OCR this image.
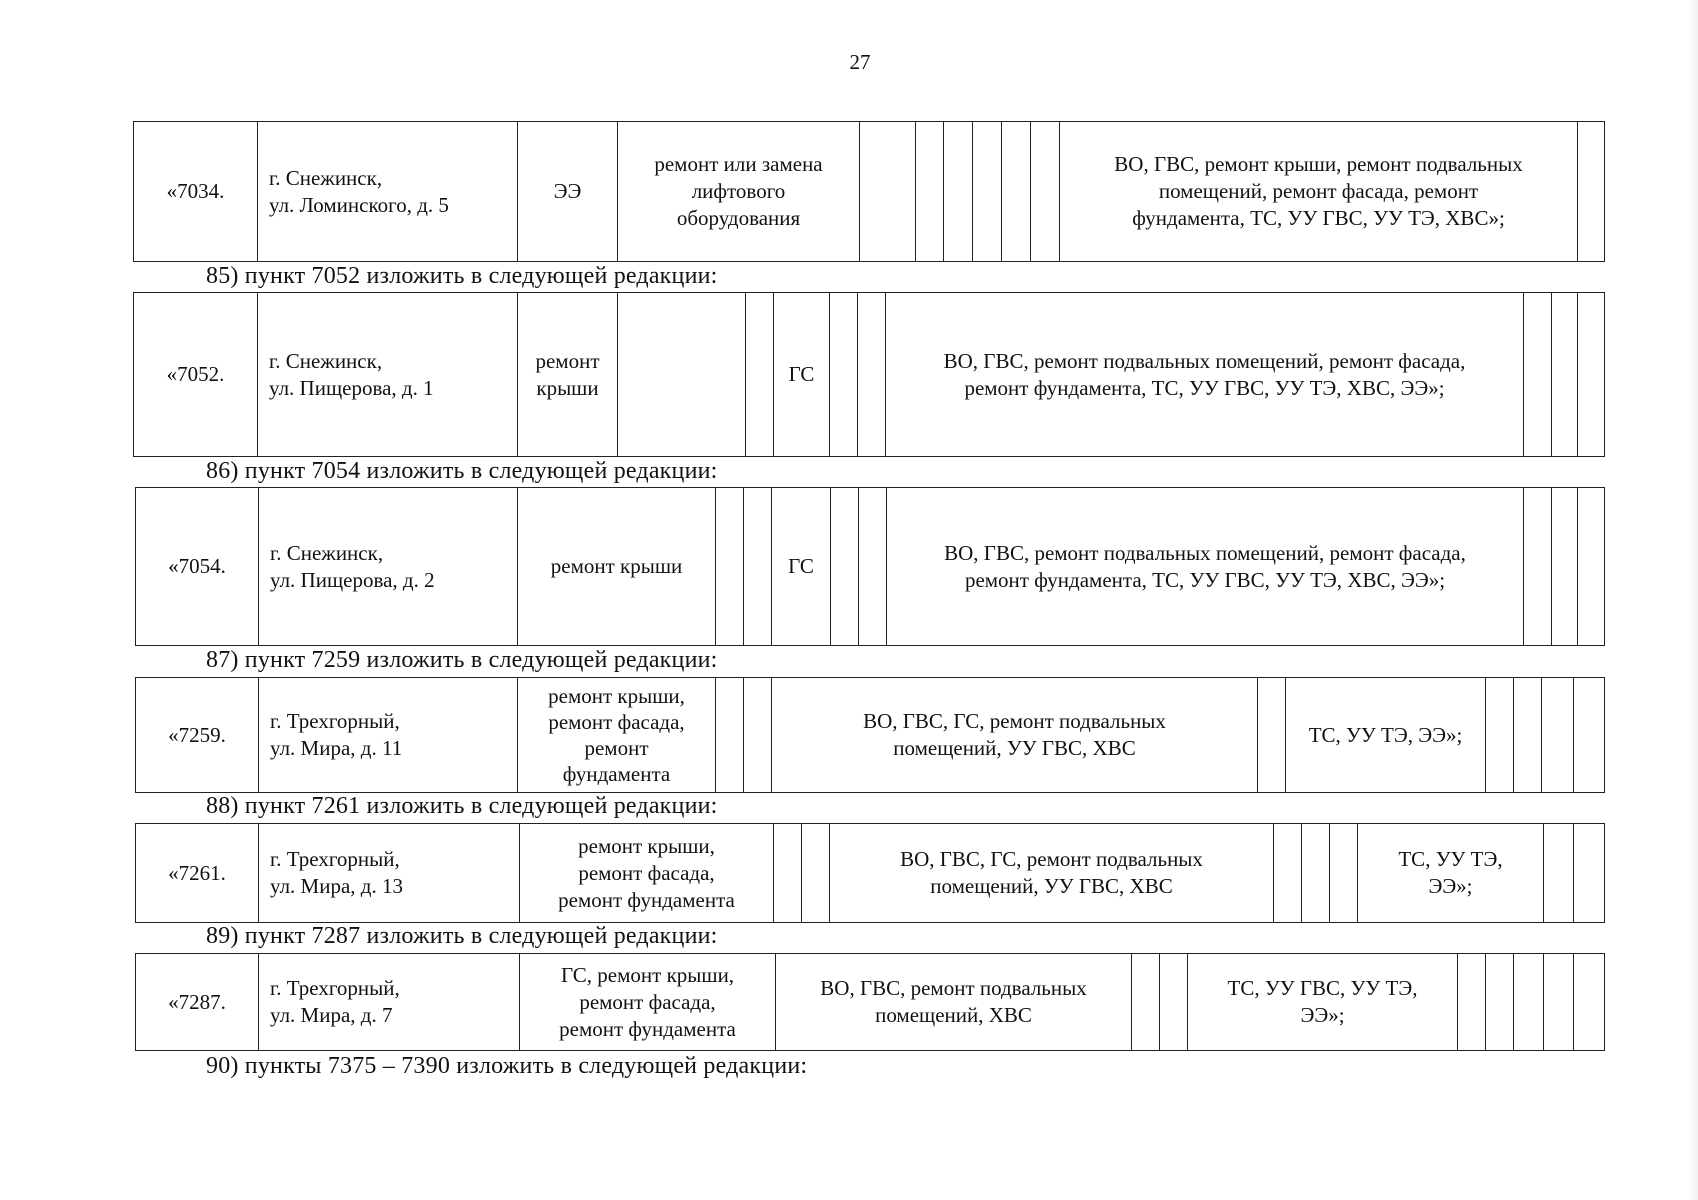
27
«7034.
г. Снежинск,
ул. Ломинского, д. 5
ЭЭ
ремонт или замена
лифтового
оборудования
ВО, ГВС, ремонт крыши, ремонт подвальных
помещений, ремонт фасада, ремонт
фундамента, ТС, УУ ГВС, УУ ТЭ, ХВС»;
85) пункт 7052 изложить в следующей редакции:
«7052.
г. Снежинск,
ул. Пищерова, д. 1
ремонт
крыши
ГС
ВО, ГВС, ремонт подвальных помещений, ремонт фасада,
ремонт фундамента, ТС, УУ ГВС, УУ ТЭ, ХВС, ЭЭ»;
86) пункт 7054 изложить в следующей редакции:
«7054.
г. Снежинск,
ул. Пищерова, д. 2
ремонт крыши	ГС
ВО, ГВС, ремонт подвальных помещений, ремонт фасада,
ремонт фундамента, ТС, УУ ГВС, УУ ТЭ, ХВС, ЭЭ»;
87) пункт 7259 изложить в следующей редакции:
«7259.
г. Трехгорный,
ул. Мира, д. 11
ремонт крыши,
ремонт фасада,
ремонт
фундамента
ВО, ГВС, ГС, ремонт подвальных
помещений, УУ ГВС, ХВС
ТС, УУ ТЭ, ЭЭ»;
88) пункт 7261 изложить в следующей редакции:
«7261.
г. Трехгорный,
ул. Мира, д. 13
ремонт крыши,
ремонт фасада,
ремонт фундамента
ВО, ГВС, ГС, ремонт подвальных
помещений, УУ ГВС, ХВС
ТС, УУ ТЭ,
ЭЭ»;
89) пункт 7287 изложить в следующей редакции:
«7287.
г. Трехгорный,
ул. Мира, д. 7
ГС, ремонт крыши,
ремонт фасада,
ремонт фундамента
ВО, ГВС, ремонт подвальных
помещений, ХВС
ТС, УУ ГВС, УУ ТЭ,
ЭЭ»;
90) пункты 7375 – 7390 изложить в следующей редакции:
